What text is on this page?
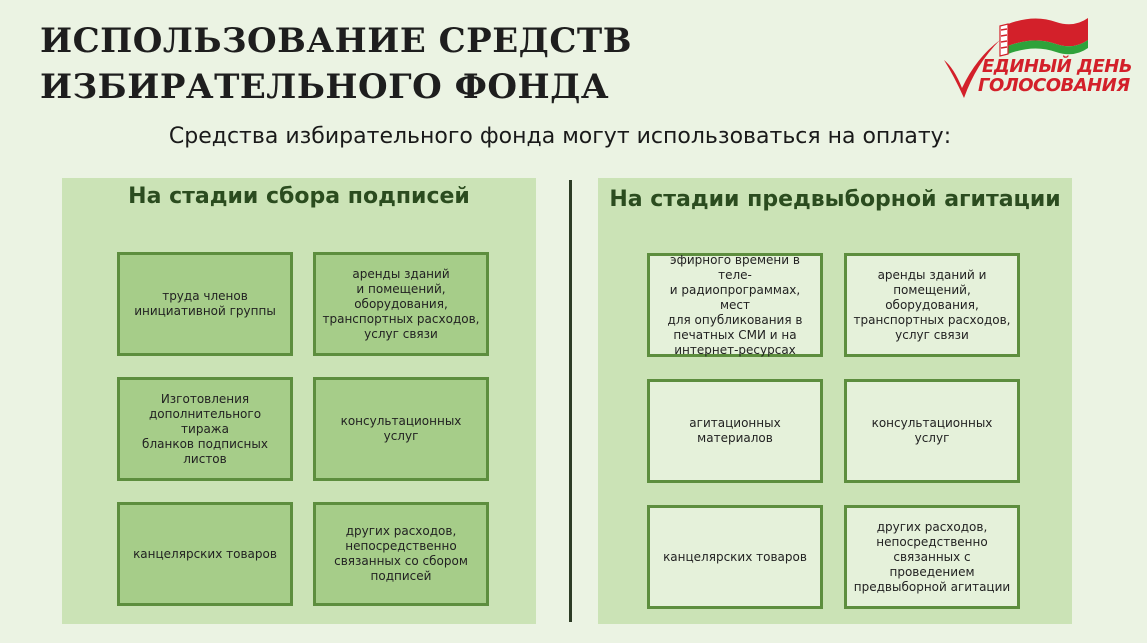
ИСПОЛЬЗОВАНИЕ СРЕДСТВ
ИЗБИРАТЕЛЬНОГО ФОНДА
ЕДИНЫЙ ДЕНЬ
ГОЛОСОВАНИЯ

Средства избирательного фонда могут использоваться на оплату:

На стадии сбора подписей	На стадии предвыборной агитации
труда членов
инициативной группы
аренды зданий
и помещений,
оборудования,
транспортных расходов,
услуг связи
Изготовления
дополнительного тиража
бланков подписных листов
консультационных услуг
канцелярских товаров
других расходов,
непосредственно
связанных со сбором
подписей
эфирного времени в теле-
и радиопрограммах, мест
для опубликования в
печатных СМИ и на
интернет-ресурсах
аренды зданий и
помещений, оборудования,
транспортных расходов,
услуг связи
агитационных материалов
консультационных услуг
канцелярских товаров
других расходов,
непосредственно
связанных с проведением
предвыборной агитации
